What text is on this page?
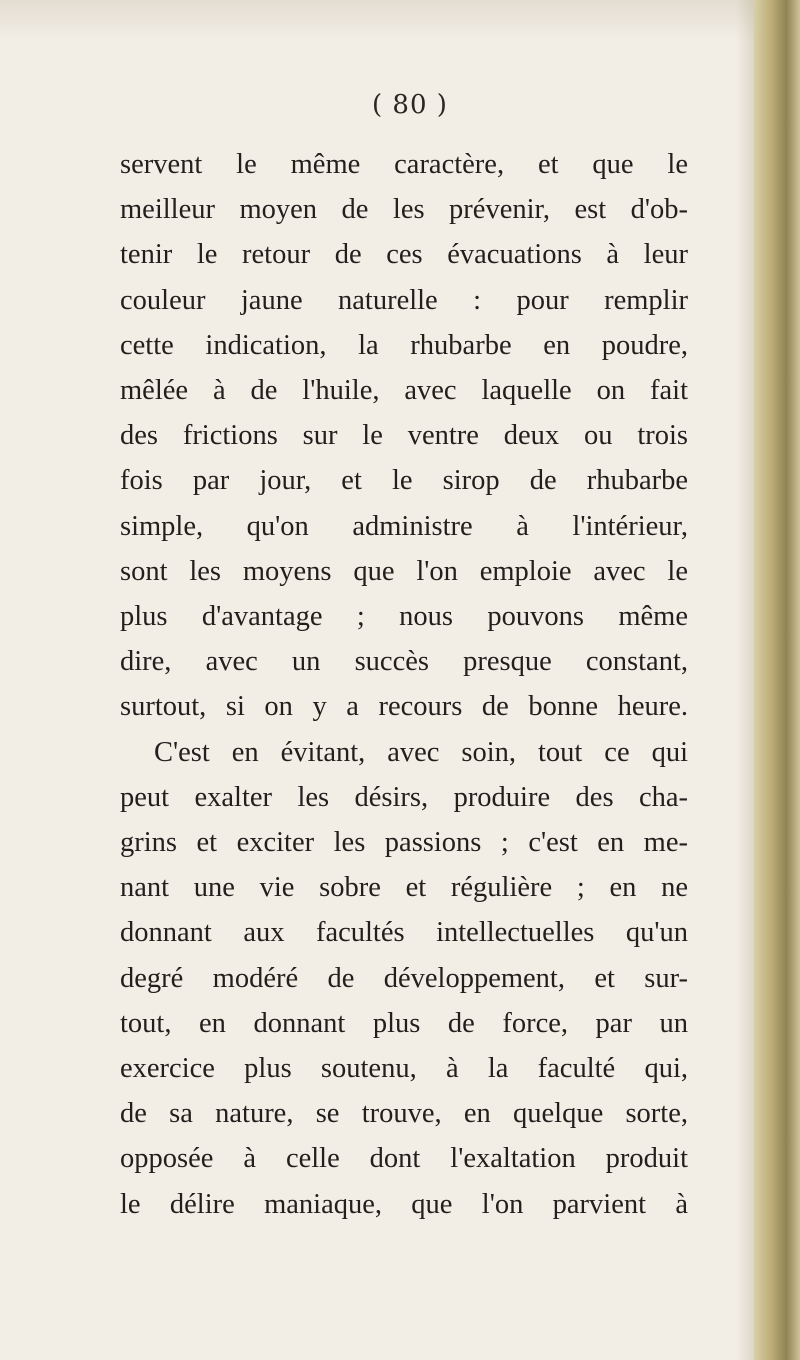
( 80 )
servent le même caractère, et que le
meilleur moyen de les prévenir, est d'ob-
tenir le retour de ces évacuations à leur
couleur jaune naturelle : pour remplir
cette indication, la rhubarbe en poudre,
mêlée à de l'huile, avec laquelle on fait
des frictions sur le ventre deux ou trois
fois par jour, et le sirop de rhubarbe
simple, qu'on administre à l'intérieur,
sont les moyens que l'on emploie avec le
plus d'avantage ; nous pouvons même
dire, avec un succès presque constant,
surtout, si on y a recours de bonne heure.
C'est en évitant, avec soin, tout ce qui
peut exalter les désirs, produire des cha-
grins et exciter les passions ; c'est en me-
nant une vie sobre et régulière ; en ne
donnant aux facultés intellectuelles qu'un
degré modéré de développement, et sur-
tout, en donnant plus de force, par un
exercice plus soutenu, à la faculté qui,
de sa nature, se trouve, en quelque sorte,
opposée à celle dont l'exaltation produit
le délire maniaque, que l'on parvient à
